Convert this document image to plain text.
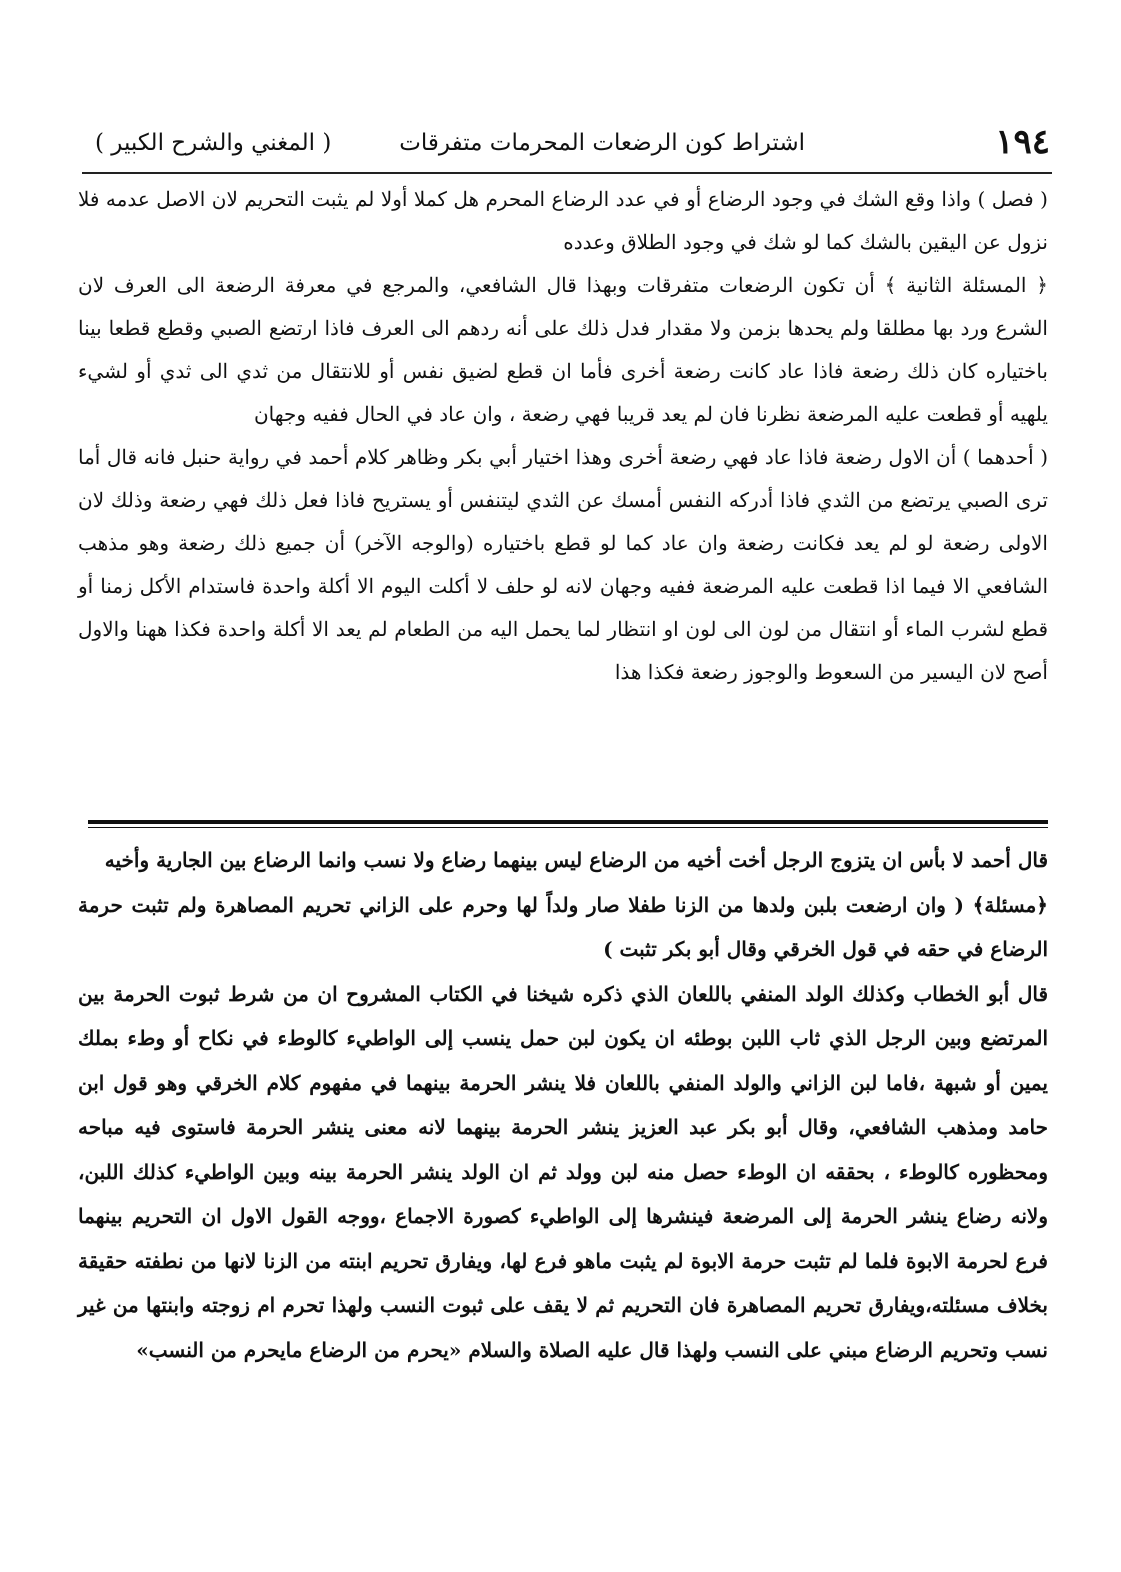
١٩٤
اشتراط كون الرضعات المحرمات متفرقات
( المغني والشرح الكبير )

( فصل ) واذا وقع الشك في وجود الرضاع أو في عدد الرضاع المحرم هل كملا أولا لم يثبت التحريم لان الاصل عدمه فلا نزول عن اليقين بالشك كما لو شك في وجود الطلاق وعدده

﴿ المسئلة الثانية ﴾ أن تكون الرضعات متفرقات وبهذا قال الشافعي، والمرجع في معرفة الرضعة الى العرف لان الشرع ورد بها مطلقا ولم يحدها بزمن ولا مقدار فدل ذلك على أنه ردهم الى العرف فاذا ارتضع الصبي وقطع قطعا بينا باختياره كان ذلك رضعة فاذا عاد كانت رضعة أخرى فأما ان قطع لضيق نفس أو للانتقال من ثدي الى ثدي أو لشيء يلهيه أو قطعت عليه المرضعة نظرنا فان لم يعد قريبا فهي رضعة ، وان عاد في الحال ففيه وجهان

( أحدهما ) أن الاول رضعة فاذا عاد فهي رضعة أخرى وهذا اختيار أبي بكر وظاهر كلام أحمد في رواية حنبل فانه قال أما ترى الصبي يرتضع من الثدي فاذا أدركه النفس أمسك عن الثدي ليتنفس أو يستريح فاذا فعل ذلك فهي رضعة وذلك لان الاولى رضعة لو لم يعد فكانت رضعة وان عاد كما لو قطع باختياره (والوجه الآخر) أن جميع ذلك رضعة وهو مذهب الشافعي الا فيما اذا قطعت عليه المرضعة ففيه وجهان لانه لو حلف لا أكلت اليوم الا أكلة واحدة فاستدام الأكل زمنا أو قطع لشرب الماء أو انتقال من لون الى لون او انتظار لما يحمل اليه من الطعام لم يعد الا أكلة واحدة فكذا ههنا والاول أصح لان اليسير من السعوط والوجوز رضعة فكذا هذا

قال أحمد لا بأس ان يتزوج الرجل أخت أخيه من الرضاع ليس بينهما رضاع ولا نسب وانما الرضاع بين الجارية وأخيه

﴿مسئلة﴾ ( وان ارضعت بلبن ولدها من الزنا طفلا صار ولداً لها وحرم على الزاني تحريم المصاهرة ولم تثبت حرمة الرضاع في حقه في قول الخرقي وقال أبو بكر تثبت )

قال أبو الخطاب وكذلك الولد المنفي باللعان الذي ذكره شيخنا في الكتاب المشروح ان من شرط ثبوت الحرمة بين المرتضع وبين الرجل الذي ثاب اللبن بوطئه ان يكون لبن حمل ينسب إلى الواطيء كالوطء في نكاح أو وطء بملك يمين أو شبهة ،فاما لبن الزاني والولد المنفي باللعان فلا ينشر الحرمة بينهما في مفهوم كلام الخرقي وهو قول ابن حامد ومذهب الشافعي، وقال أبو بكر عبد العزيز ينشر الحرمة بينهما لانه معنى ينشر الحرمة فاستوى فيه مباحه ومحظوره كالوطء ، بحققه ان الوطء حصل منه لبن وولد ثم ان الولد ينشر الحرمة بينه وبين الواطيء كذلك اللبن، ولانه رضاع ينشر الحرمة إلى المرضعة فينشرها إلى الواطيء كصورة الاجماع ،ووجه القول الاول ان التحريم بينهما فرع لحرمة الابوة فلما لم تثبت حرمة الابوة لم يثبت ماهو فرع لها، ويفارق تحريم ابنته من الزنا لانها من نطفته حقيقة بخلاف مسئلته،ويفارق تحريم المصاهرة فان التحريم ثم لا يقف على ثبوت النسب ولهذا تحرم ام زوجته وابنتها من غير نسب وتحريم الرضاع مبني على النسب ولهذا قال عليه الصلاة والسلام «يحرم من الرضاع مايحرم من النسب»
